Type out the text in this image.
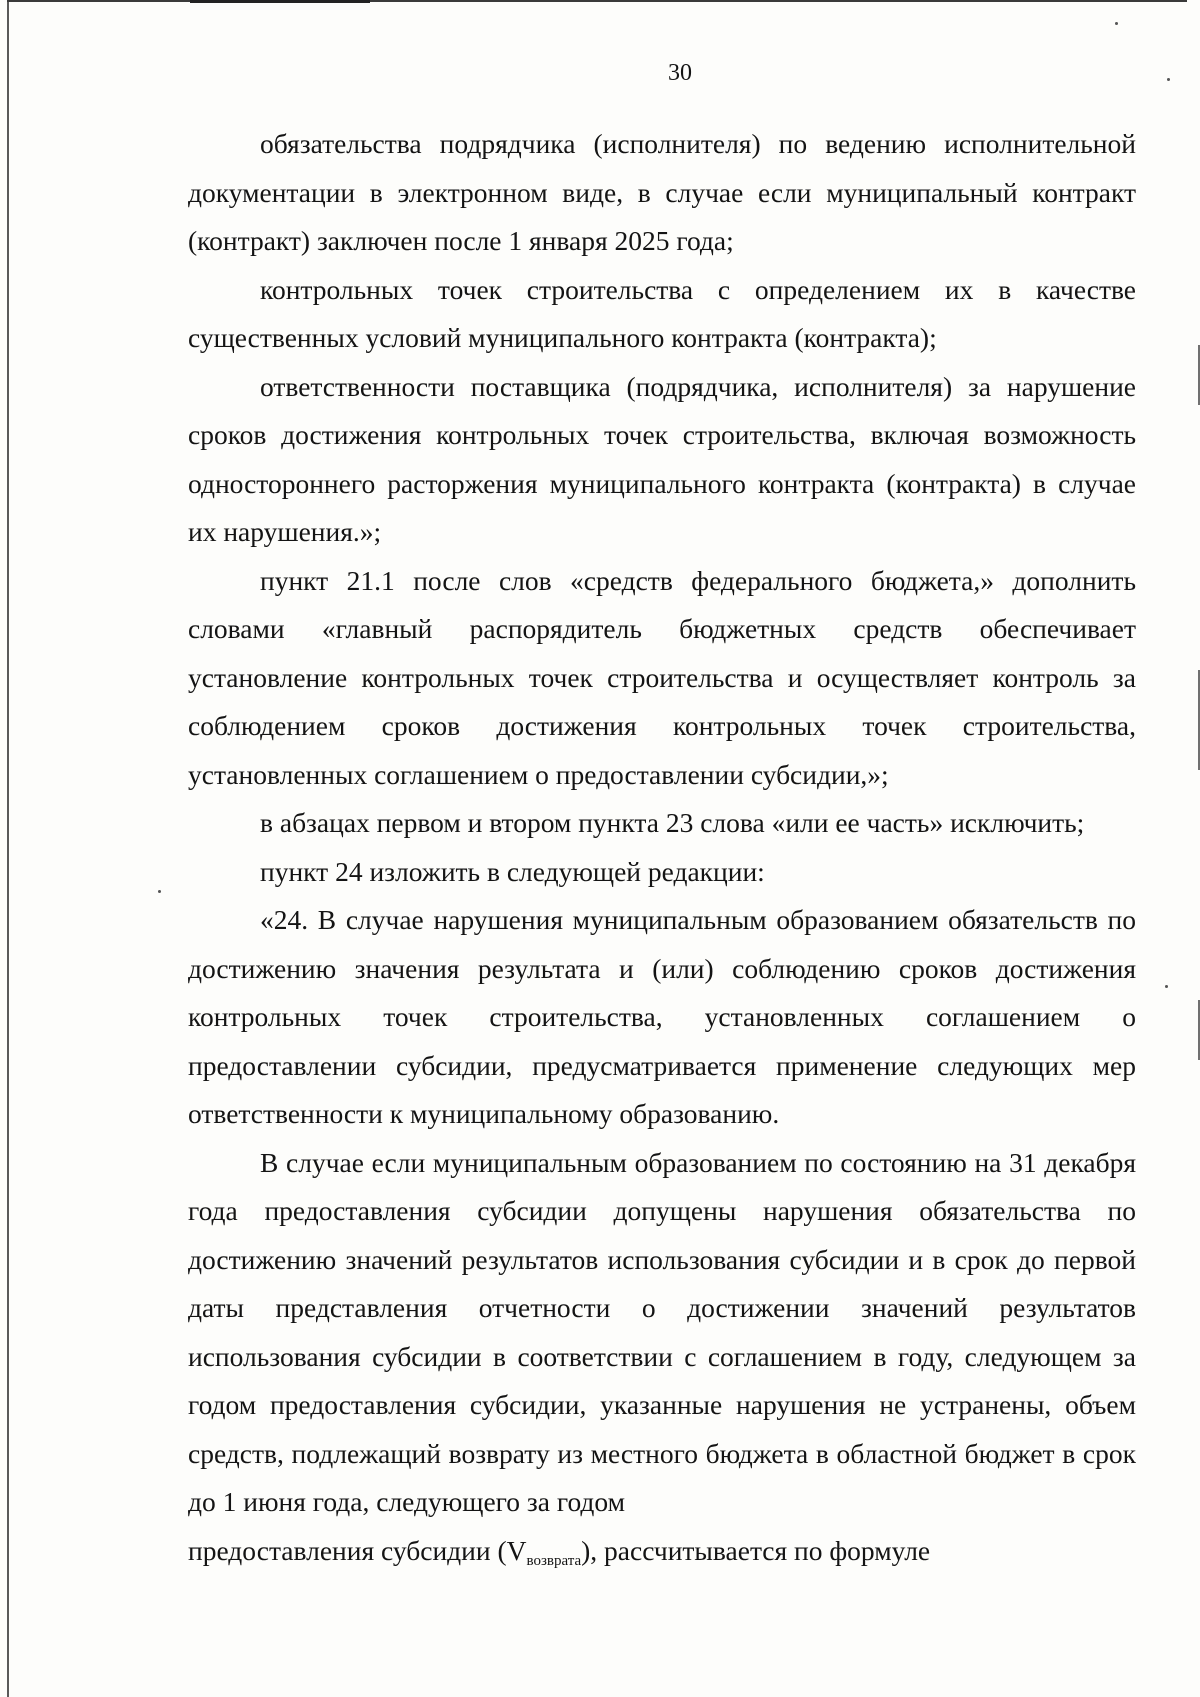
30

обязательства подрядчика (исполнителя) по ведению исполнительной документации в электронном виде, в случае если муниципальный контракт (контракт) заключен после 1 января 2025 года;

контрольных точек строительства с определением их в качестве существенных условий муниципального контракта (контракта);

ответственности поставщика (подрядчика, исполнителя) за нарушение сроков достижения контрольных точек строительства, включая возможность одностороннего расторжения муниципального контракта (контракта) в случае их нарушения.»;

пункт 21.1 после слов «средств федерального бюджета,» дополнить словами «главный распорядитель бюджетных средств обеспечивает установление контрольных точек строительства и осуществляет контроль за соблюдением сроков достижения контрольных точек строительства, установленных соглашением о предоставлении субсидии,»;

в абзацах первом и втором пункта 23 слова «или ее часть» исключить;

пункт 24 изложить в следующей редакции:

«24. В случае нарушения муниципальным образованием обязательств по достижению значения результата и (или) соблюдению сроков достижения контрольных точек строительства, установленных соглашением о предоставлении субсидии, предусматривается применение следующих мер ответственности к муниципальному образованию.

В случае если муниципальным образованием по состоянию на 31 декабря года предоставления субсидии допущены нарушения обязательства по достижению значений результатов использования субсидии и в срок до первой даты представления отчетности о достижении значений результатов использования субсидии в соответствии с соглашением в году, следующем за годом предоставления субсидии, указанные нарушения не устранены, объем средств, подлежащий возврату из местного бюджета в областной бюджет в срок до 1 июня года, следующего за годом

предоставления субсидии $(V_{возврата})$, рассчитывается по формуле
